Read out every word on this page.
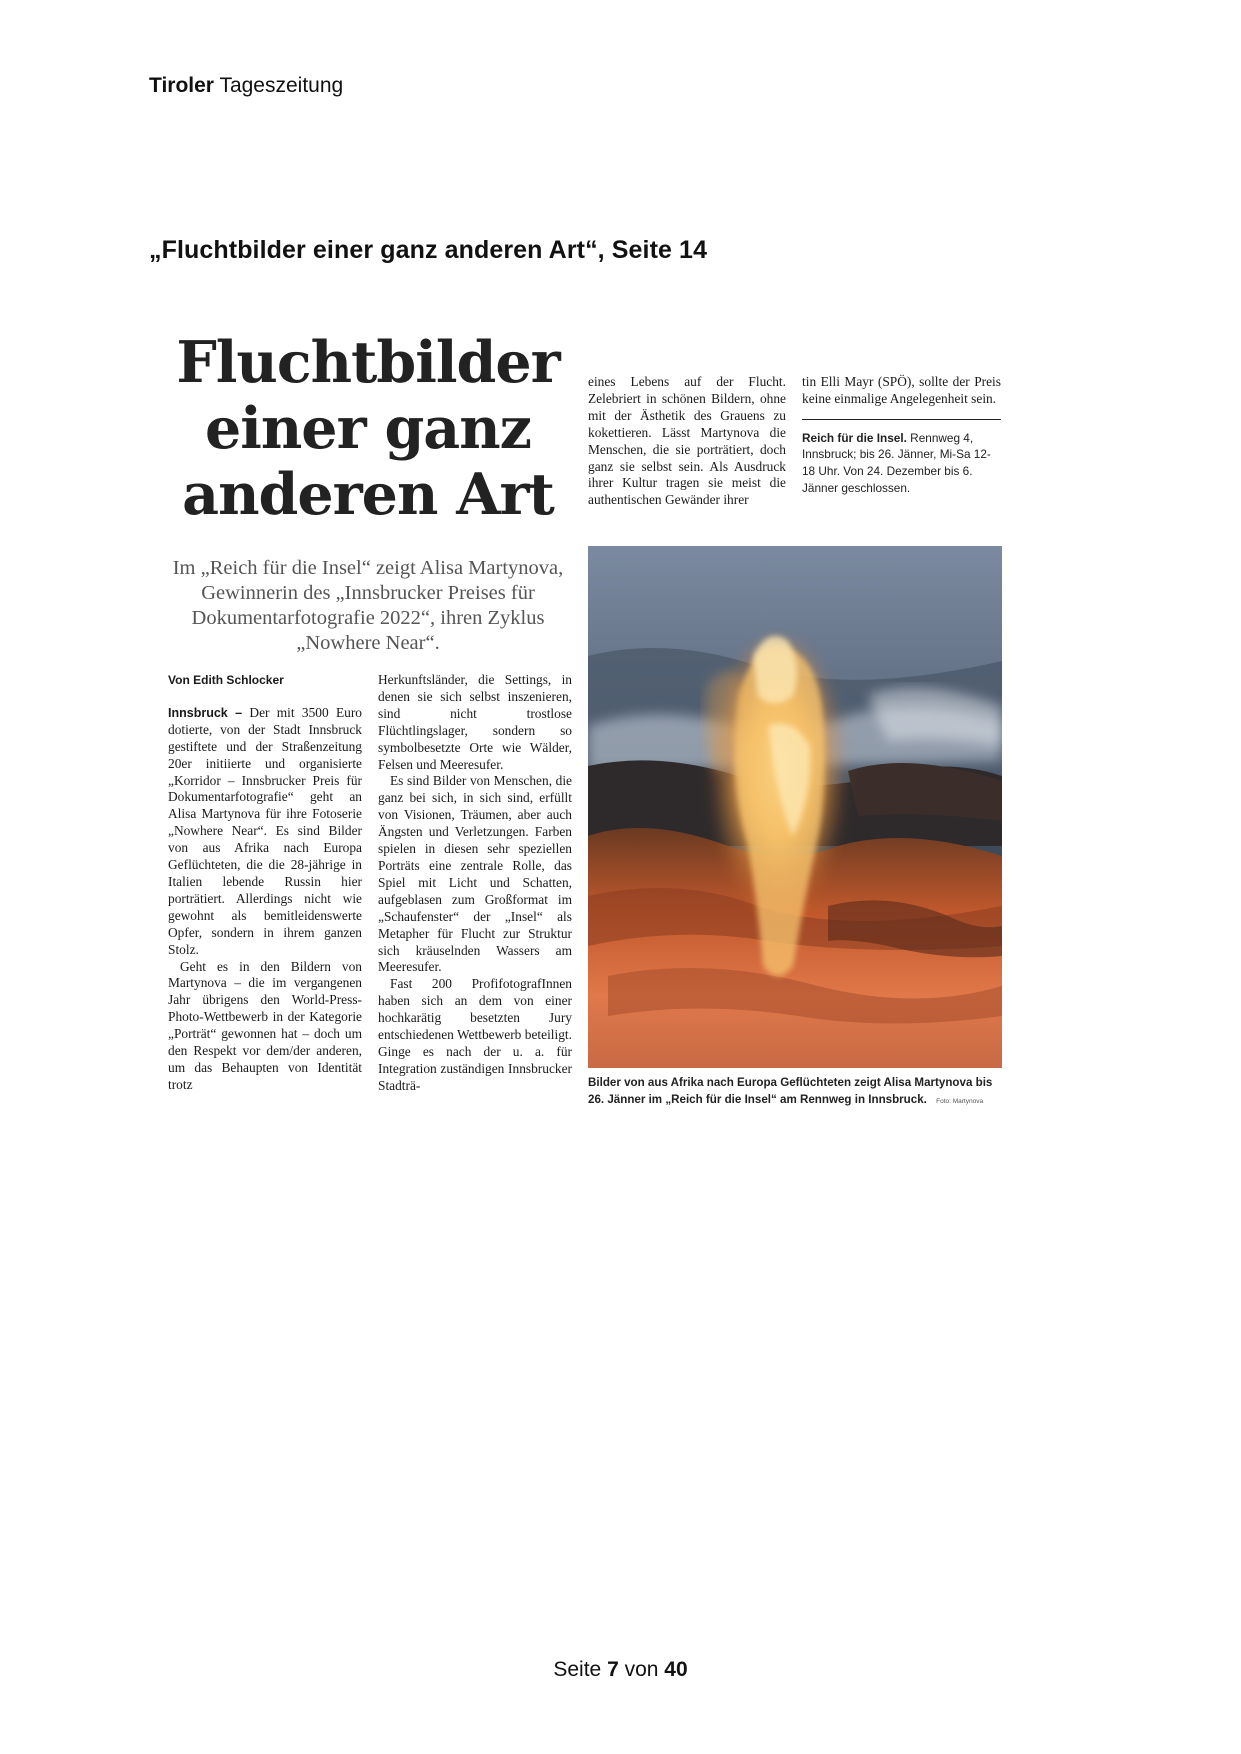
Tiroler Tageszeitung
„Fluchtbilder einer ganz anderen Art“, Seite 14
Fluchtbilder
einer ganz
anderen Art
Im „Reich für die Insel“ zeigt Alisa Martynova, Gewinnerin des „Innsbrucker Preises für Dokumentarfotografie 2022“, ihren Zyklus „Nowhere Near“.
Von Edith Schlocker

Innsbruck – Der mit 3500 Euro dotierte, von der Stadt Innsbruck gestiftete und der Straßenzeitung 20er initiierte und organisierte „Korridor – Innsbrucker Preis für Dokumentarfotografie“ geht an Alisa Martynova für ihre Fotoserie „Nowhere Near“. Es sind Bilder von aus Afrika nach Europa Geflüchteten, die die 28-jährige in Italien lebende Russin hier porträtiert. Allerdings nicht wie gewohnt als bemitleidenswerte Opfer, sondern in ihrem ganzen Stolz.

Geht es in den Bildern von Martynova – die im vergangenen Jahr übrigens den World-Press-Photo-Wettbewerb in der Kategorie „Porträt“ gewonnen hat – doch um den Respekt vor dem/der anderen, um das Behaupten von Identität trotz

Herkunftsländer, die Settings, in denen sie sich selbst inszenieren, sind nicht trostlose Flüchtlingslager, sondern so symbolbesetzte Orte wie Wälder, Felsen und Meeresufer.

Es sind Bilder von Menschen, die ganz bei sich, in sich sind, erfüllt von Visionen, Träumen, aber auch Ängsten und Verletzungen. Farben spielen in diesen sehr speziellen Porträts eine zentrale Rolle, das Spiel mit Licht und Schatten, aufgeblasen zum Großformat im „Schaufenster“ der „Insel“ als Metapher für Flucht zur Struktur sich kräuselnden Wassers am Meeresufer.

Fast 200 ProfifotografInnen haben sich an dem von einer hochkarätig besetzten Jury entschiedenen Wettbewerb beteiligt. Ginge es nach der u. a. für Integration zuständigen Innsbrucker Stadträ-

eines Lebens auf der Flucht. Zelebriert in schönen Bildern, ohne mit der Ästhetik des Grauens zu kokettieren. Lässt Martynova die Menschen, die sie porträtiert, doch ganz sie selbst sein. Als Ausdruck ihrer Kultur tragen sie meist die authentischen Gewänder ihrer

tin Elli Mayr (SPÖ), sollte der Preis keine einmalige Angelegenheit sein.

Reich für die Insel. Rennweg 4, Innsbruck; bis 26. Jänner, Mi-Sa 12-18 Uhr. Von 24. Dezember bis 6. Jänner geschlossen.
Bilder von aus Afrika nach Europa Geflüchteten zeigt Alisa Martynova bis 26. Jänner im „Reich für die Insel“ am Rennweg in Innsbruck. Foto: Martynova
Seite 7 von 40
